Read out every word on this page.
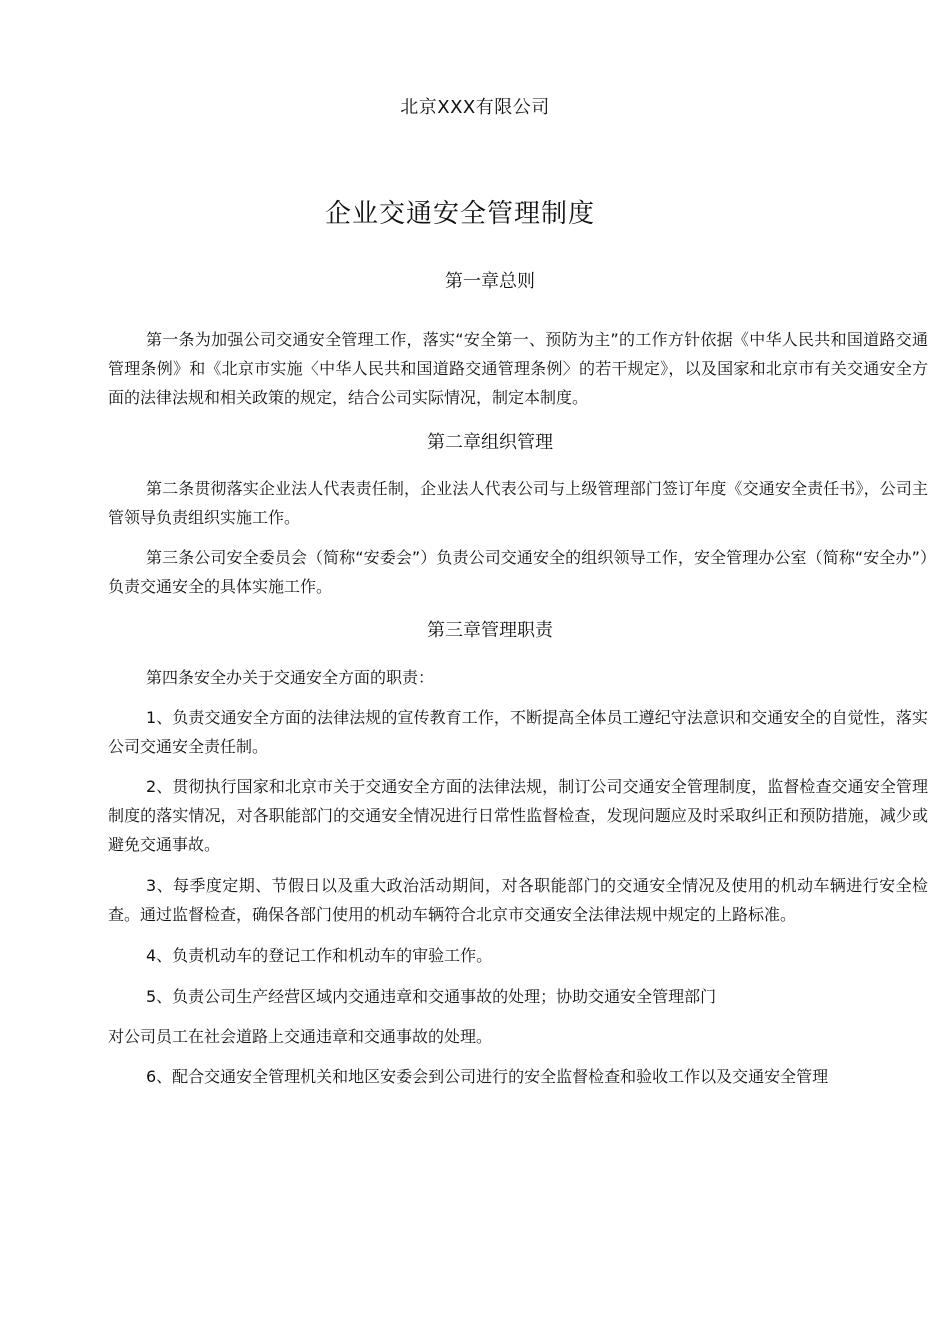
北京XXX有限公司
企业交通安全管理制度

第一章总则

第一条为加强公司交通安全管理工作，落实“安全第一、预防为主”的工作方针依据《中华人民共和国道路交通管理条例》和《北京市实施〈中华人民共和国道路交通管理条例〉的若干规定》，以及国家和北京市有关交通安全方面的法律法规和相关政策的规定，结合公司实际情况，制定本制度。

第二章组织管理

第二条贯彻落实企业法人代表责任制，企业法人代表公司与上级管理部门签订年度《交通安全责任书》，公司主管领导负责组织实施工作。

第三条公司安全委员会（简称“安委会”）负责公司交通安全的组织领导工作，安全管理办公室（简称“安全办”）负责交通安全的具体实施工作。

第三章管理职责

第四条安全办关于交通安全方面的职责：

1、负责交通安全方面的法律法规的宣传教育工作，不断提高全体员工遵纪守法意识和交通安全的自觉性，落实公司交通安全责任制。

2、贯彻执行国家和北京市关于交通安全方面的法律法规，制订公司交通安全管理制度，监督检查交通安全管理制度的落实情况，对各职能部门的交通安全情况进行日常性监督检查，发现问题应及时采取纠正和预防措施，减少或避免交通事故。

3、每季度定期、节假日以及重大政治活动期间，对各职能部门的交通安全情况及使用的机动车辆进行安全检查。通过监督检查，确保各部门使用的机动车辆符合北京市交通安全法律法规中规定的上路标准。

4、负责机动车的登记工作和机动车的审验工作。

5、负责公司生产经营区域内交通违章和交通事故的处理；协助交通安全管理部门

对公司员工在社会道路上交通违章和交通事故的处理。

6、配合交通安全管理机关和地区安委会到公司进行的安全监督检查和验收工作以及交通安全管理
